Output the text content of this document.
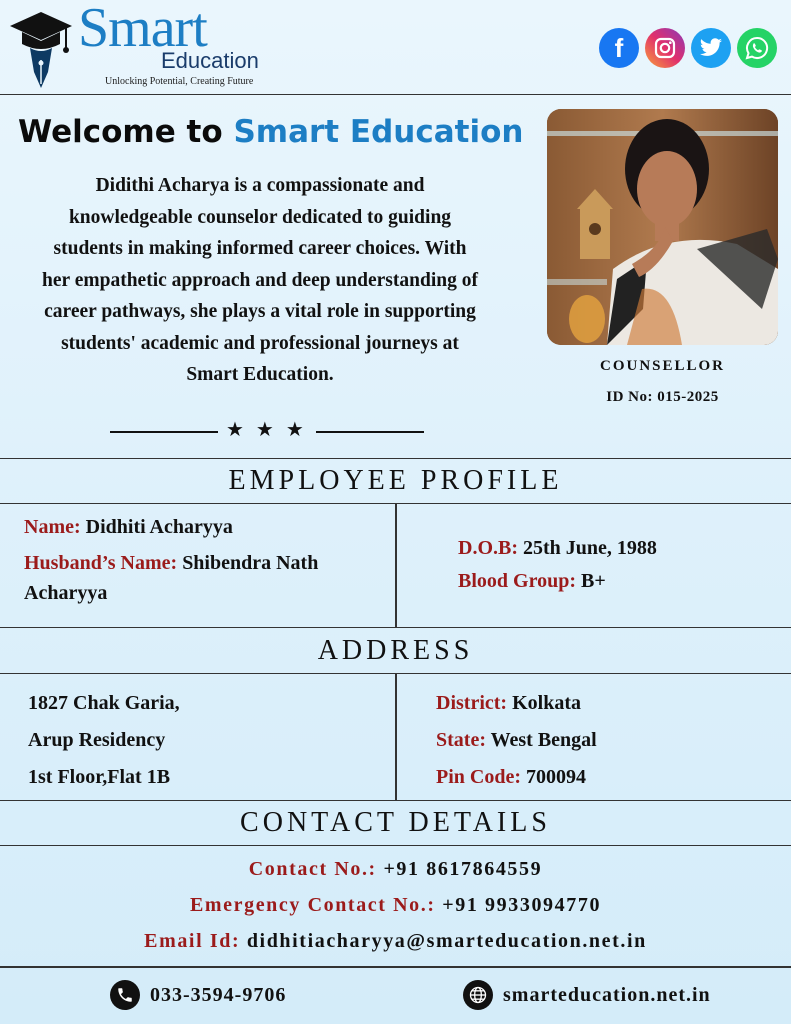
Smart
Education
Unlocking Potential, Creating Future
f
Welcome to Smart Education
Didithi Acharya is a compassionate and knowledgeable counselor dedicated to guiding students in making informed career choices. With her empathetic approach and deep understanding of career pathways, she plays a vital role in supporting students' academic and professional journeys at Smart Education.
★★★
COUNSELLOR
ID No: 015-2025
EMPLOYEE PROFILE
Name: Didhiti Acharyya
Husband’s Name: Shibendra Nath
Acharyya
D.O.B: 25th June, 1988
Blood Group: B+
ADDRESS
1827 Chak Garia,
Arup Residency
1st Floor,Flat 1B
District: Kolkata
State: West Bengal
Pin Code: 700094
CONTACT DETAILS
Contact No.: +91 8617864559
Emergency Contact No.: +91 9933094770
Email Id: didhitiacharyya@smarteducation.net.in
033-3594-9706	smarteducation.net.in
